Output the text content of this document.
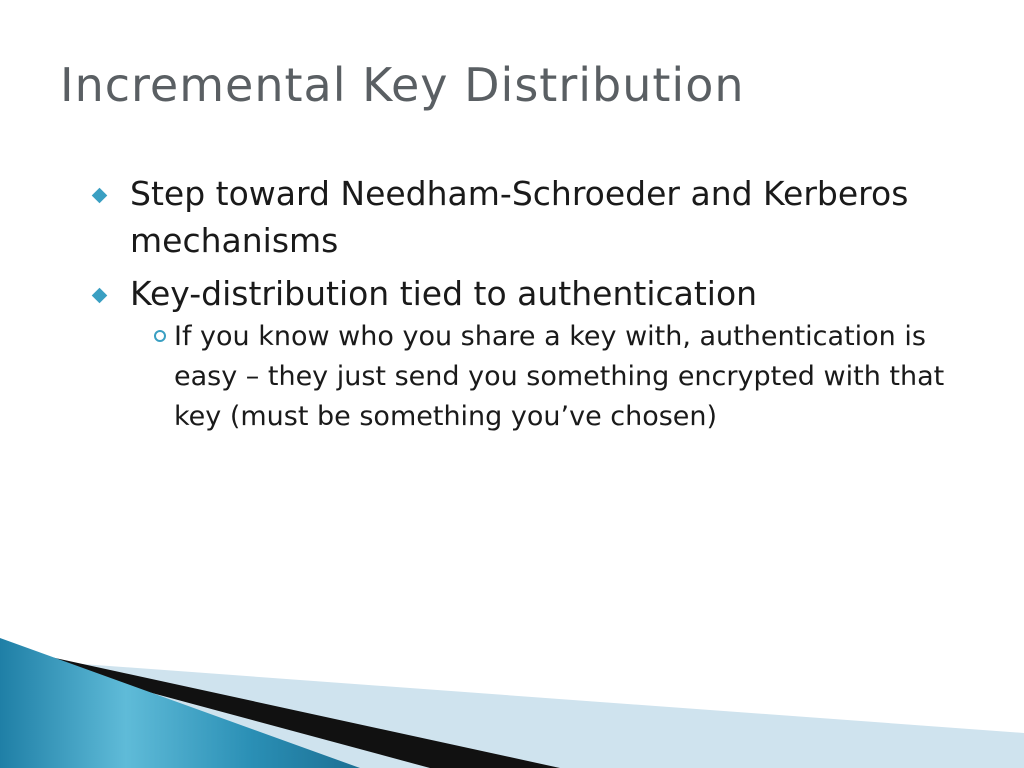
Incremental Key Distribution
Step toward Needham-Schroeder and Kerberos mechanisms
Key-distribution tied to authentication
If you know who you share a key with, authentication is easy – they just send you something encrypted with that key (must be something you’ve chosen)
